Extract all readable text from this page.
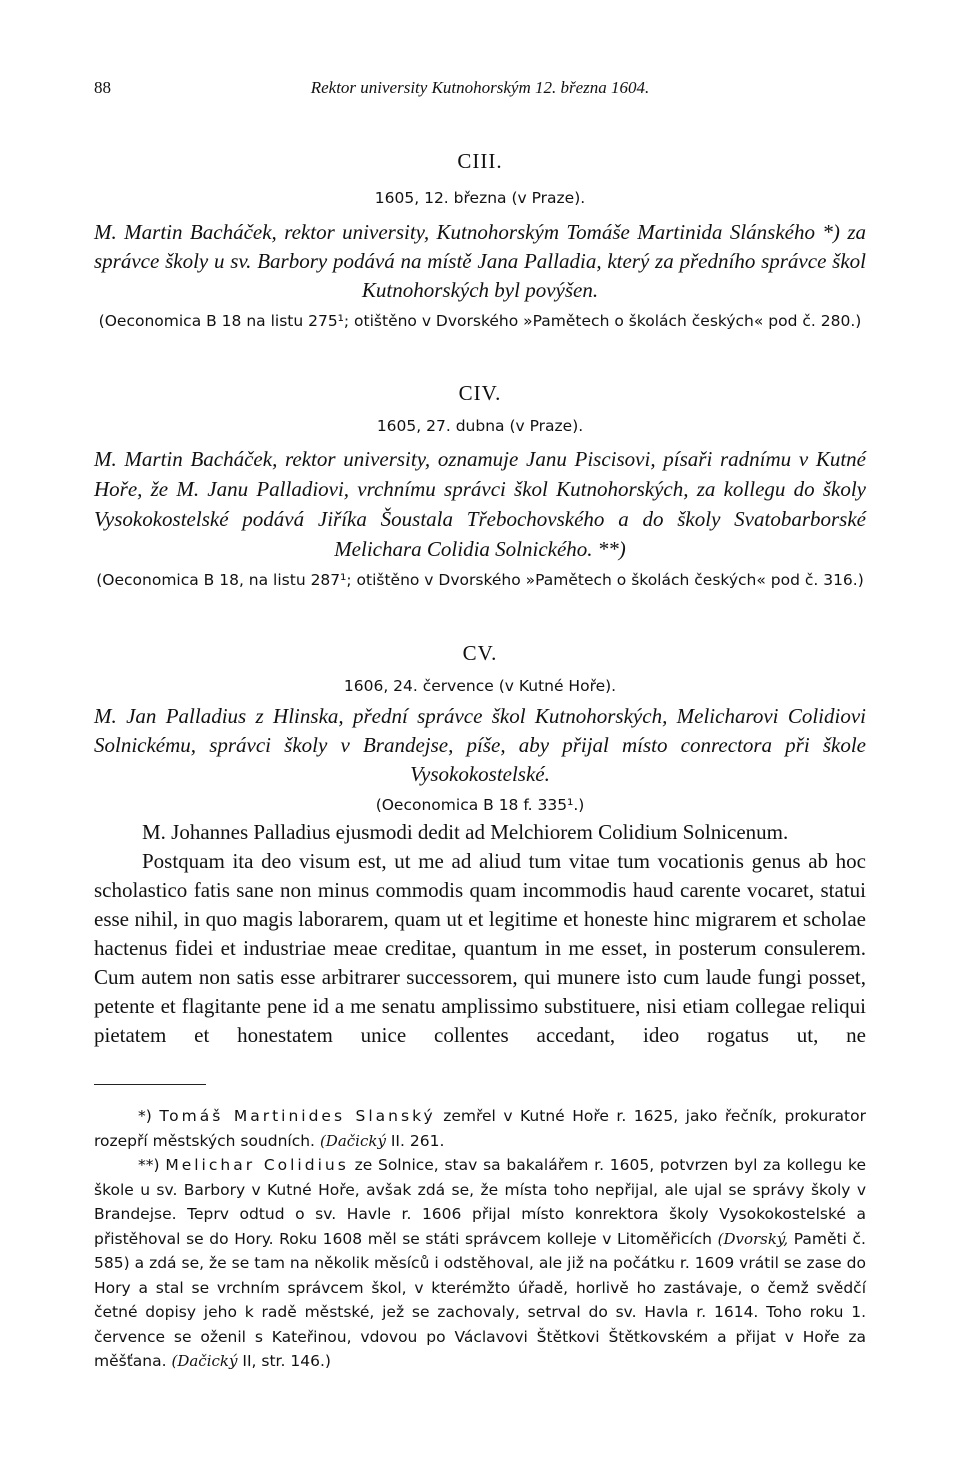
88	Rektor university Kutnohorským 12. března 1604.
CIII.
1605, 12. března (v Praze).
M. Martin Bacháček, rektor university, Kutnohorským Tomáše Martinida Slánského *) za správce školy u sv. Barbory podává na místě Jana Palladia, který za předního správce škol Kutnohorských byl povýšen.
(Oeconomica B 18 na listu 275¹; otištěno v Dvorského »Pamětech o školách českých« pod č. 280.)
CIV.
1605, 27. dubna (v Praze).
M. Martin Bacháček, rektor university, oznamuje Janu Piscisovi, písaři radnímu v Kutné Hoře, že M. Janu Palladiovi, vrchnímu správci škol Kutnohorských, za kollegu do školy Vysokokostelské podává Jiříka Šoustala Třebochovského a do školy Svatobarborské Melichara Colidia Solnického. **)
(Oeconomica B 18, na listu 287¹; otištěno v Dvorského »Pamětech o školách českých« pod č. 316.)
CV.
1606, 24. července (v Kutné Hoře).
M. Jan Palladius z Hlinska, přední správce škol Kutnohorských, Melicharovi Colidiovi Solnickému, správci školy v Brandejse, píše, aby přijal místo conrectora při škole Vysokokostelské.
(Oeconomica B 18 f. 335¹.)

M. Johannes Palladius ejusmodi dedit ad Melchiorem Colidium Solnicenum.

Postquam ita deo visum est, ut me ad aliud tum vitae tum vocationis genus ab hoc scholastico fatis sane non minus commodis quam incommodis haud carente vocaret, statui esse nihil, in quo magis laborarem, quam ut et legitime et honeste hinc migrarem et scholae hactenus fidei et industriae meae creditae, quantum in me esset, in posterum consulerem. Cum autem non satis esse arbitrarer successorem, qui munere isto cum laude fungi posset, petente et flagitante pene id a me senatu amplissimo substituere, nisi etiam collegae reliqui pietatem et honestatem unice collentes accedant, ideo rogatus ut, ne

*) Tomáš Martinides Slanský zemřel v Kutné Hoře r. 1625, jako řečník, prokurator rozepří městských soudních. (Dačický II. 261.

**) Melichar Colidius ze Solnice, stav sa bakalářem r. 1605, potvrzen byl za kollegu ke škole u sv. Barbory v Kutné Hoře, avšak zdá se, že místa toho nepřijal, ale ujal se správy školy v Brandejse. Teprv odtud o sv. Havle r. 1606 přijal místo konrektora školy Vysokokostelské a přistěhoval se do Hory. Roku 1608 měl se státi správcem kolleje v Litoměřicích (Dvorský, Paměti č. 585) a zdá se, že se tam na několik měsíců i odstěhoval, ale již na počátku r. 1609 vrátil se zase do Hory a stal se vrchním správcem škol, v kterémžto úřadě, horlivě ho zastávaje, o čemž svědčí četné dopisy jeho k radě městské, jež se zachovaly, setrval do sv. Havla r. 1614. Toho roku 1. července se oženil s Kateřinou, vdovou po Václavovi Štětkovi Štětkovském a přijat v Hoře za měšťana. (Dačický II, str. 146.)
